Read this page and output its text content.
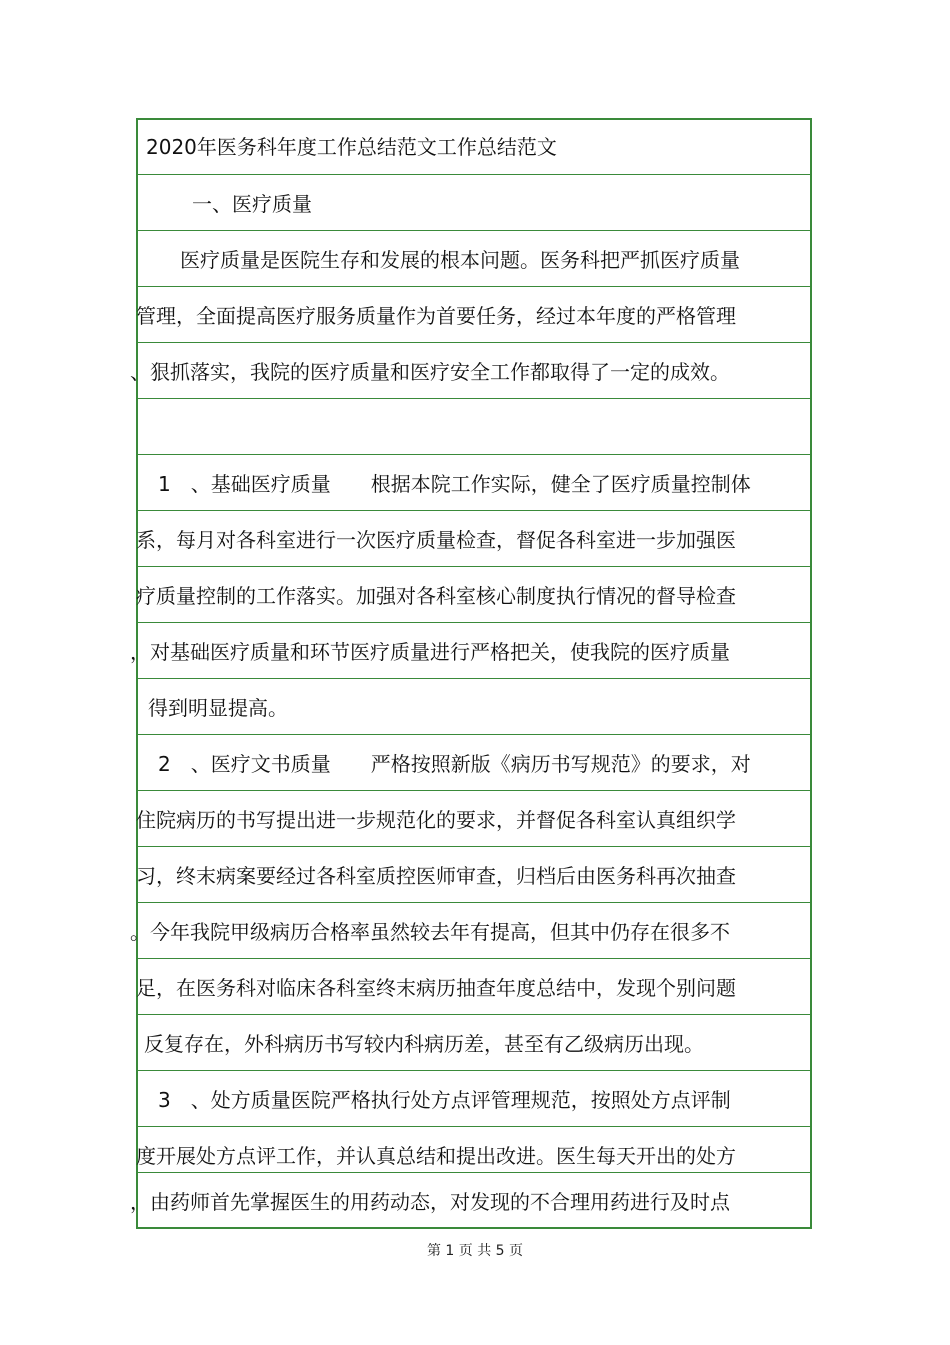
2020年医务科年度工作总结范文工作总结范文
一、医疗质量
医疗质量是医院生存和发展的根本问题。医务科把严抓医疗质量
管理，全面提高医疗服务质量作为首要任务，经过本年度的严格管理
、狠抓落实，我院的医疗质量和医疗安全工作都取得了一定的成效。
1　、基础医疗质量　　根据本院工作实际，健全了医疗质量控制体
系，每月对各科室进行一次医疗质量检查，督促各科室进一步加强医
疗质量控制的工作落实。加强对各科室核心制度执行情况的督导检查
，对基础医疗质量和环节医疗质量进行严格把关，使我院的医疗质量
得到明显提高。
2　、医疗文书质量　　严格按照新版《病历书写规范》的要求，对
住院病历的书写提出进一步规范化的要求，并督促各科室认真组织学
习，终末病案要经过各科室质控医师审查，归档后由医务科再次抽查
。今年我院甲级病历合格率虽然较去年有提高，但其中仍存在很多不
足，在医务科对临床各科室终末病历抽查年度总结中，发现个别问题
反复存在，外科病历书写较内科病历差，甚至有乙级病历出现。
3　、处方质量医院严格执行处方点评管理规范，按照处方点评制
度开展处方点评工作，并认真总结和提出改进。医生每天开出的处方
，由药师首先掌握医生的用药动态，对发现的不合理用药进行及时点
第 1 页 共 5 页
